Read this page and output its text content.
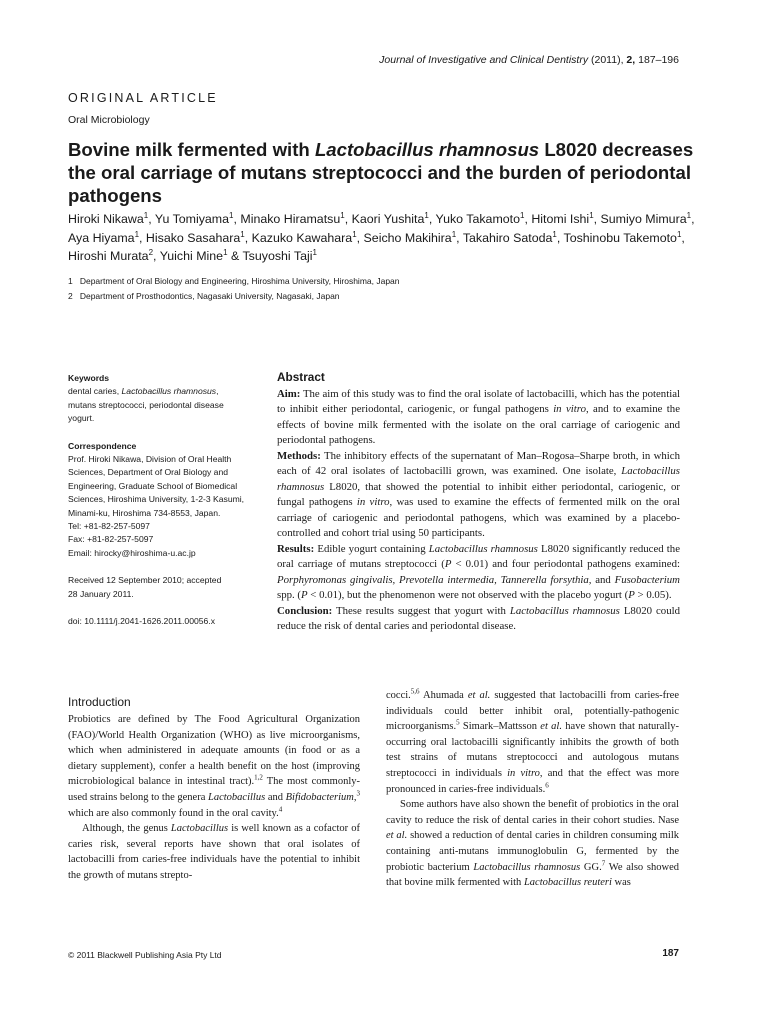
Journal of Investigative and Clinical Dentistry (2011), 2, 187–196
ORIGINAL ARTICLE
Oral Microbiology
Bovine milk fermented with Lactobacillus rhamnosus L8020 decreases the oral carriage of mutans streptococci and the burden of periodontal pathogens
Hiroki Nikawa$^1$, Yu Tomiyama$^1$, Minako Hiramatsu$^1$, Kaori Yushita$^1$, Yuko Takamoto$^1$, Hitomi Ishi$^1$, Sumiyo Mimura$^1$, Aya Hiyama$^1$, Hisako Sasahara$^1$, Kazuko Kawahara$^1$, Seicho Makihira$^1$, Takahiro Satoda$^1$, Toshinobu Takemoto$^1$, Hiroshi Murata$^2$, Yuichi Mine$^1$ & Tsuyoshi Taji$^1$
1 Department of Oral Biology and Engineering, Hiroshima University, Hiroshima, Japan
2 Department of Prosthodontics, Nagasaki University, Nagasaki, Japan
Keywords
dental caries, Lactobacillus rhamnosus,
mutans streptococci, periodontal disease
yogurt.
Correspondence
Prof. Hiroki Nikawa, Division of Oral Health
Sciences, Department of Oral Biology and
Engineering, Graduate School of Biomedical
Sciences, Hiroshima University, 1-2-3 Kasumi,
Minami-ku, Hiroshima 734-8553, Japan.
Tel: +81-82-257-5097
Fax: +81-82-257-5097
Email: hirocky@hiroshima-u.ac.jp
Received 12 September 2010; accepted
28 January 2011.
doi: 10.1111/j.2041-1626.2011.00056.x
Abstract

Aim: The aim of this study was to find the oral isolate of lactobacilli, which has the potential to inhibit either periodontal, cariogenic, or fungal pathogens in vitro, and to examine the effects of bovine milk fermented with the isolate on the oral carriage of cariogenic and periodontal pathogens.

Methods: The inhibitory effects of the supernatant of Man–Rogosa–Sharpe broth, in which each of 42 oral isolates of lactobacilli grown, was examined. One isolate, Lactobacillus rhamnosus L8020, that showed the potential to inhibit either periodontal, cariogenic, or fungal pathogens in vitro, was used to examine the effects of fermented milk on the oral carriage of cariogenic and periodontal pathogens, which was examined by a placebo-controlled and cohort trial using 50 participants.

Results: Edible yogurt containing Lactobacillus rhamnosus L8020 significantly reduced the oral carriage of mutans streptococci (P < 0.01) and four periodontal pathogens examined: Porphyromonas gingivalis, Prevotella intermedia, Tannerella forsythia, and Fusobacterium spp. (P < 0.01), but the phenomenon were not observed with the placebo yogurt (P > 0.05).

Conclusion: These results suggest that yogurt with Lactobacillus rhamnosus L8020 could reduce the risk of dental caries and periodontal disease.

Introduction

Probiotics are defined by The Food Agricultural Organization (FAO)/World Health Organization (WHO) as live microorganisms, which when administered in adequate amounts (in food or as a dietary supplement), confer a health benefit on the host (improving microbiological balance in intestinal tract).$^{1,2}$ The most commonly-used strains belong to the genera Lactobacillus and Bifidobacterium,$^3$ which are also commonly found in the oral cavity.$^4$

Although, the genus Lactobacillus is well known as a cofactor of caries risk, several reports have shown that oral isolates of lactobacilli from caries-free individuals have the potential to inhibit the growth of mutans strepto-

cocci.$^{5,6}$ Ahumada et al. suggested that lactobacilli from caries-free individuals could better inhibit oral, potentially-pathogenic microorganisms.$^5$ Simark–Mattsson et al. have shown that naturally-occurring oral lactobacilli significantly inhibits the growth of both test strains of mutans streptococci and autologous mutans streptococci in individuals in vitro, and that the effect was more pronounced in caries-free individuals.$^6$

Some authors have also shown the benefit of probiotics in the oral cavity to reduce the risk of dental caries in their cohort studies. Nase et al. showed a reduction of dental caries in children consuming milk containing anti-mutans immunoglobulin G, fermented by the probiotic bacterium Lactobacillus rhamnosus GG.$^7$ We also showed that bovine milk fermented with Lactobacillus reuteri was

© 2011 Blackwell Publishing Asia Pty Ltd	187
